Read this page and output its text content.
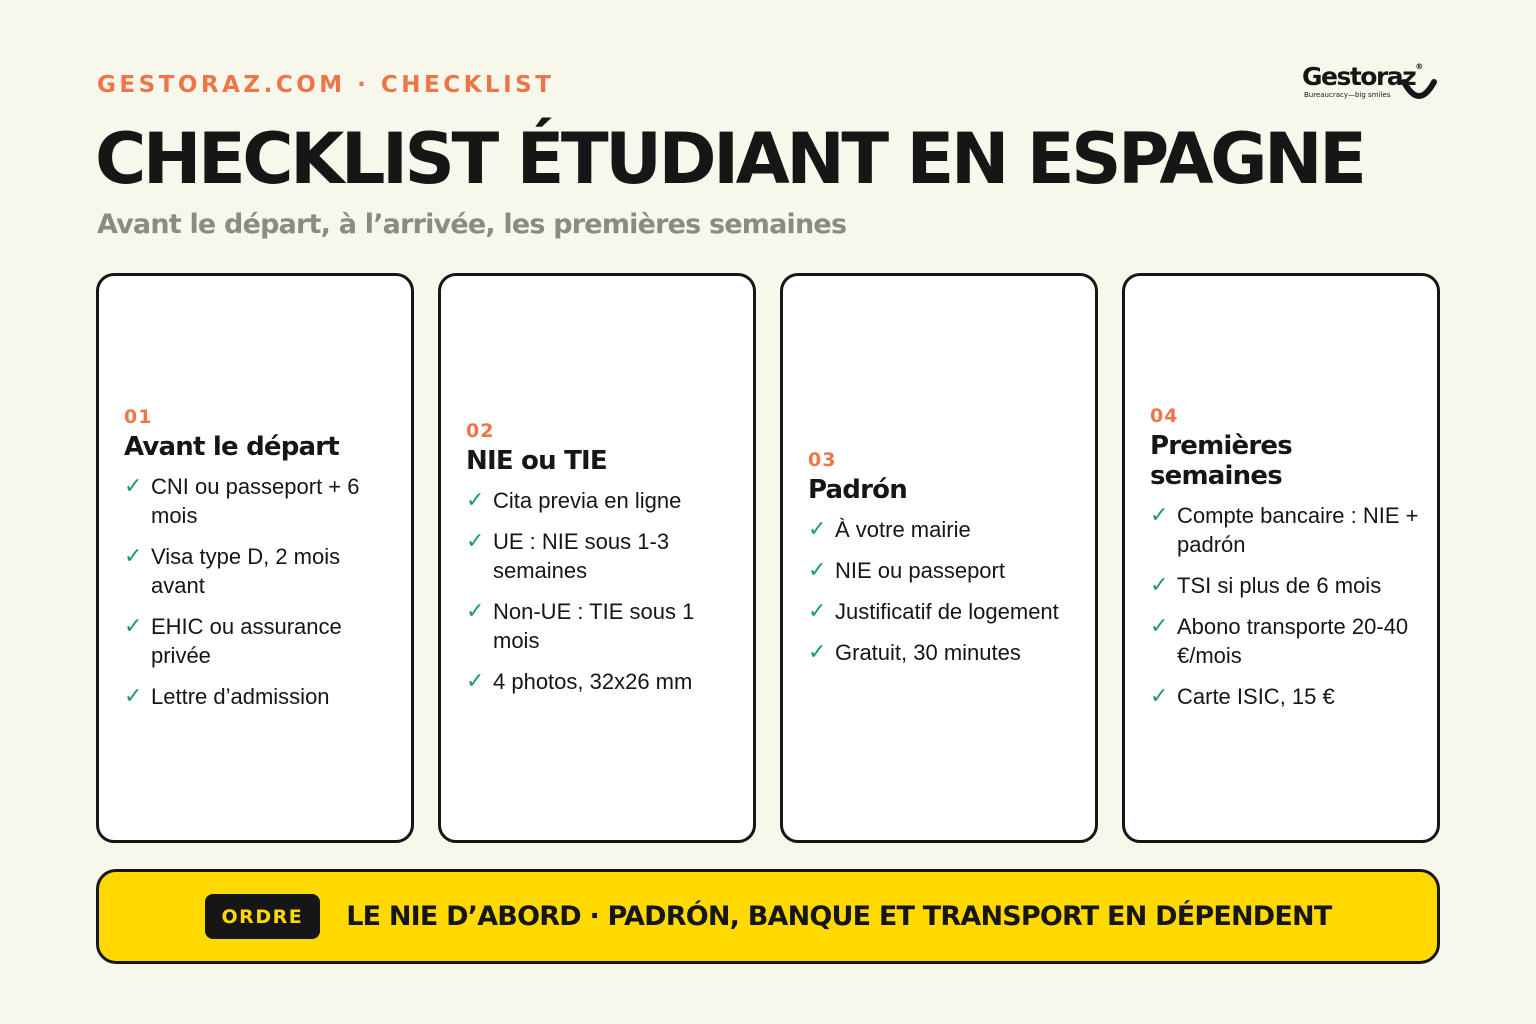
GESTORAZ.COM · CHECKLIST	Gestoraz®
Bureaucracy—big smiles
CHECKLIST ÉTUDIANT EN ESPAGNE
Avant le départ, à l’arrivée, les premières semaines
01
Avant le départ
✓ CNI ou passeport + 6 mois
✓ Visa type D, 2 mois avant
✓ EHIC ou assurance privée
✓ Lettre d’admission
02
NIE ou TIE
✓ Cita previa en ligne
✓ UE : NIE sous 1-3 semaines
✓ Non-UE : TIE sous 1 mois
✓ 4 photos, 32x26 mm
03
Padrón
✓ À votre mairie
✓ NIE ou passeport
✓ Justificatif de logement
✓ Gratuit, 30 minutes
04
Premières semaines
✓ Compte bancaire : NIE + padrón
✓ TSI si plus de 6 mois
✓ Abono transporte 20-40 €/mois
✓ Carte ISIC, 15 €
ORDRE	LE NIE D’ABORD · PADRÓN, BANQUE ET TRANSPORT EN DÉPENDENT
